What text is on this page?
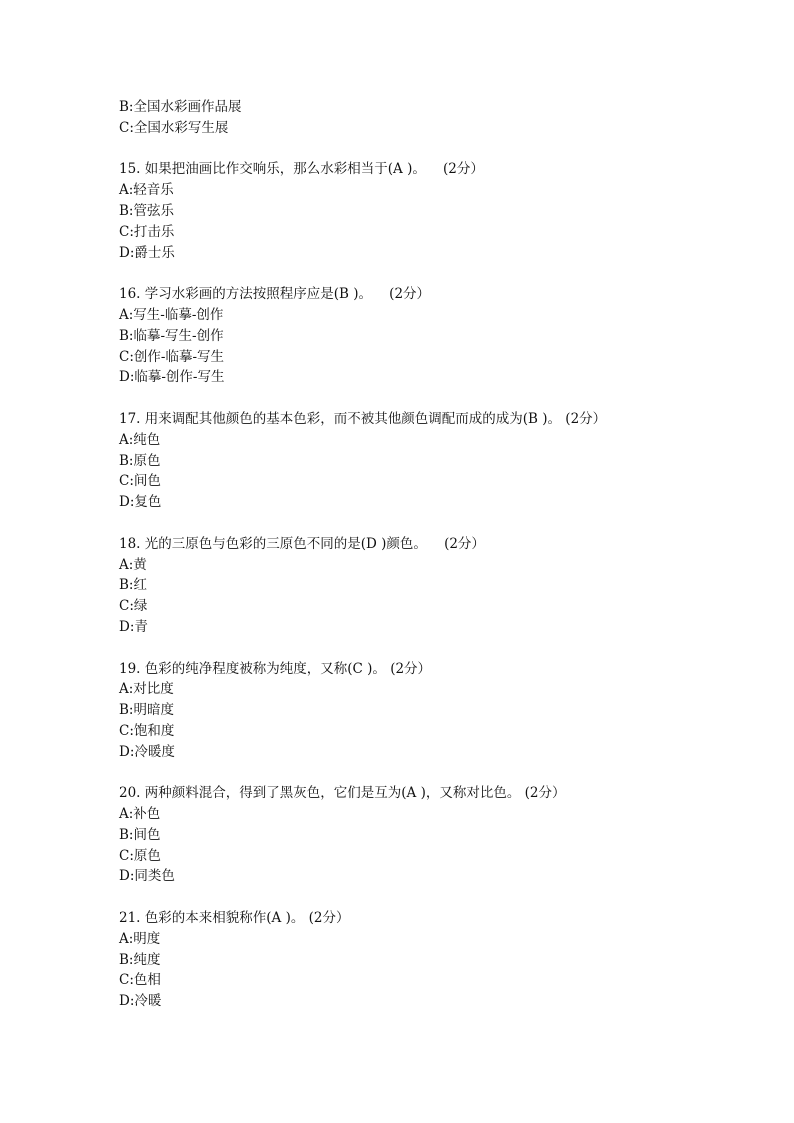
B:全国水彩画作品展
C:全国水彩写生展
15. 如果把油画比作交响乐，那么水彩相当于(A )。    (2分）
A:轻音乐
B:管弦乐
C:打击乐
D:爵士乐
16. 学习水彩画的方法按照程序应是(B )。    (2分）
A:写生-临摹-创作
B:临摹-写生-创作
C:创作-临摹-写生
D:临摹-创作-写生
17. 用来调配其他颜色的基本色彩，而不被其他颜色调配而成的成为(B )。 (2分）
A:纯色
B:原色
C:间色
D:复色
18. 光的三原色与色彩的三原色不同的是(D )颜色。    (2分）
A:黄
B:红
C:绿
D:青
19. 色彩的纯净程度被称为纯度，又称(C )。 (2分）
A:对比度
B:明暗度
C:饱和度
D:冷暖度
20. 两种颜料混合，得到了黑灰色，它们是互为(A )，又称对比色。 (2分）
A:补色
B:间色
C:原色
D:同类色
21. 色彩的本来相貌称作(A )。 (2分）
A:明度
B:纯度
C:色相
D:冷暖
